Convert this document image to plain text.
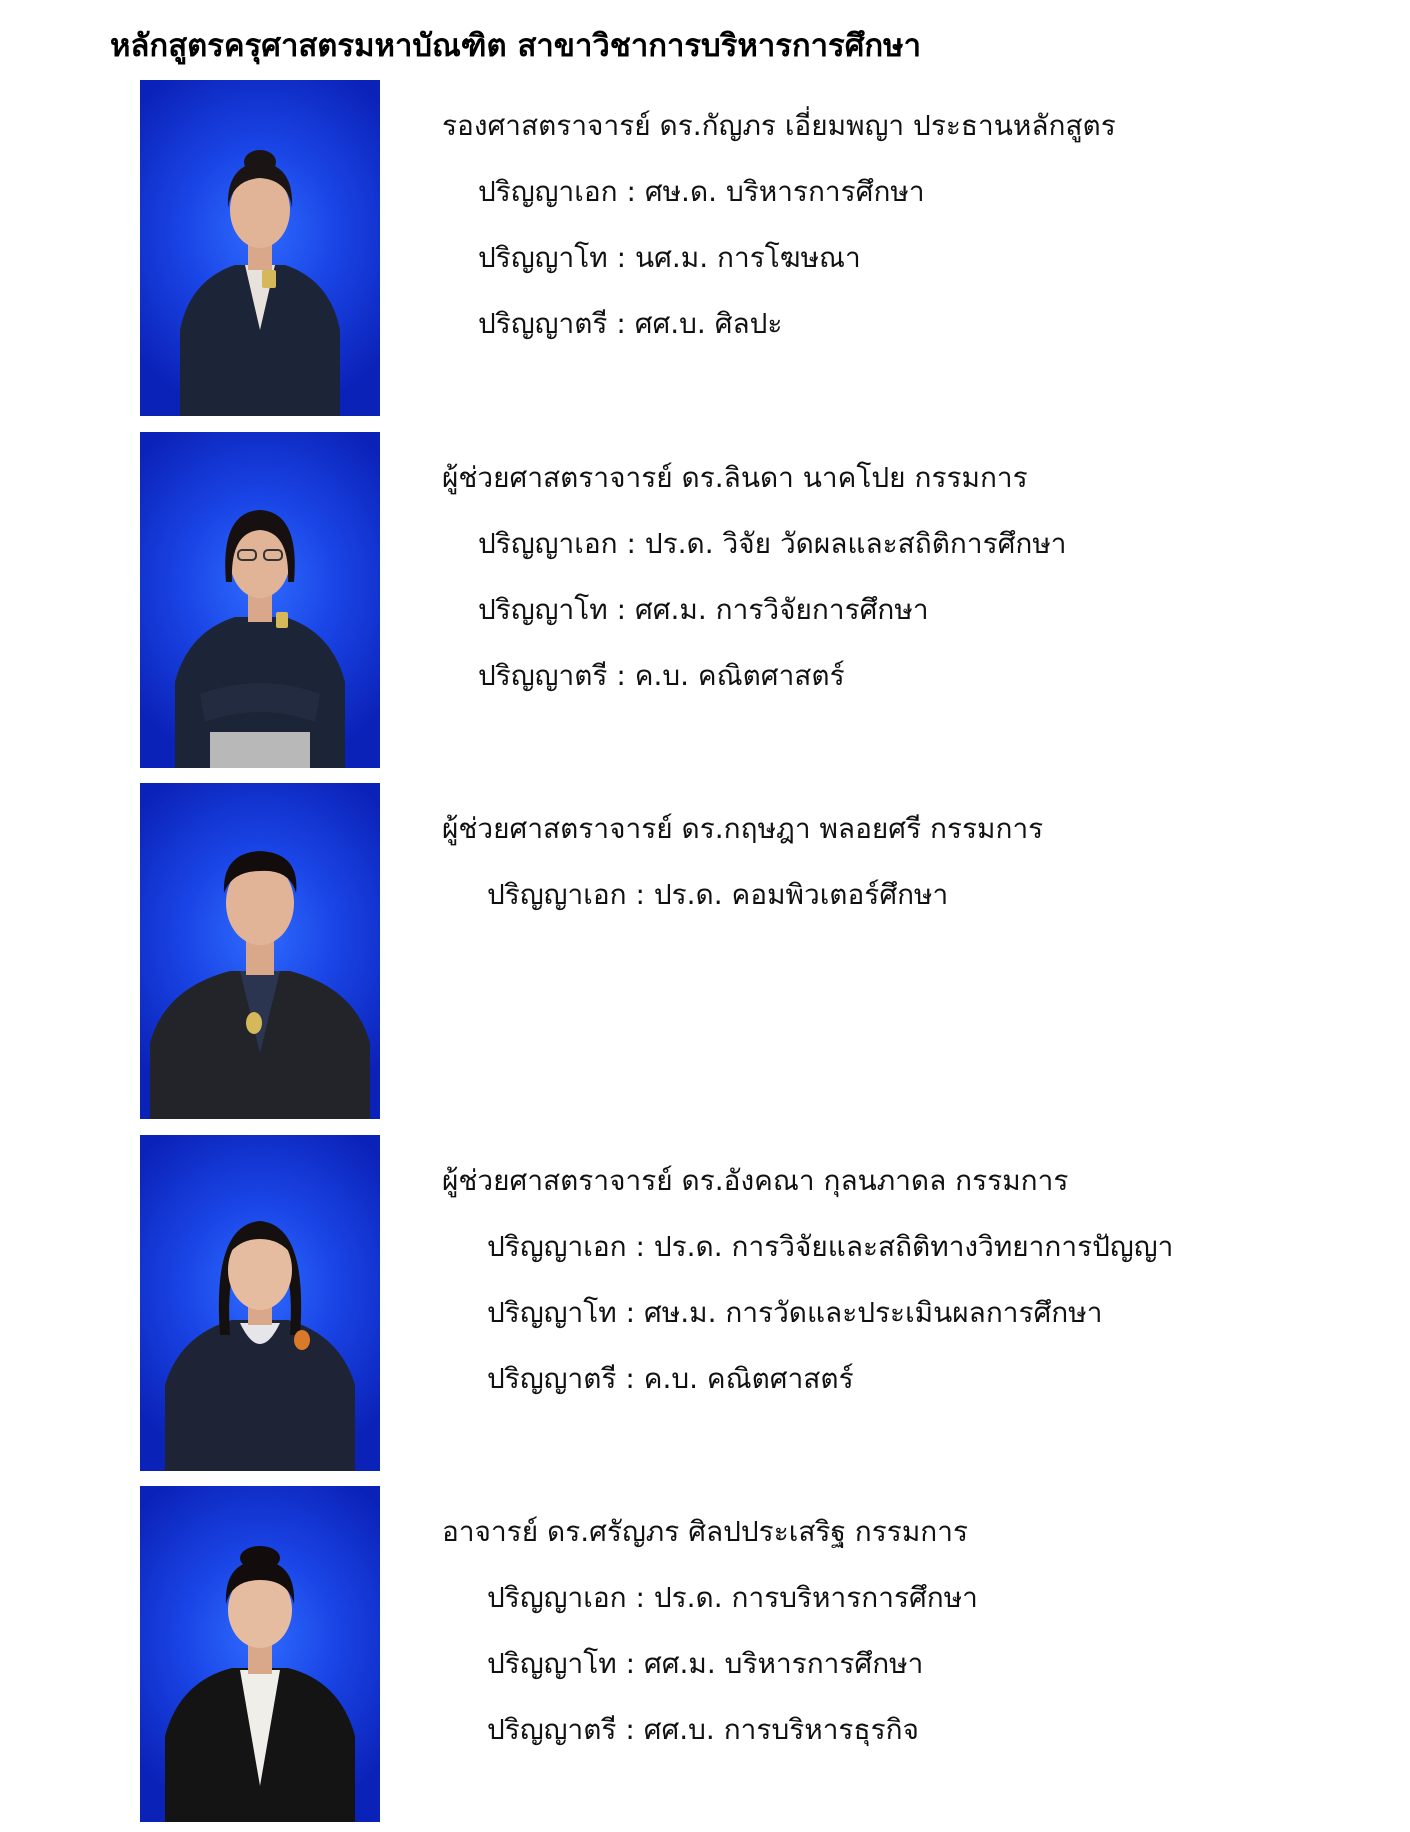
หลักสูตรครุศาสตรมหาบัณฑิต สาขาวิชาการบริหารการศึกษา
รองศาสตราจารย์ ดร.กัญภร เอี่ยมพญา ประธานหลักสูตร
ปริญญาเอก : ศษ.ด. บริหารการศึกษา
ปริญญาโท : นศ.ม. การโฆษณา
ปริญญาตรี : ศศ.บ. ศิลปะ
ผู้ช่วยศาสตราจารย์ ดร.ลินดา นาคโปย กรรมการ
ปริญญาเอก : ปร.ด. วิจัย วัดผลและสถิติการศึกษา
ปริญญาโท : ศศ.ม. การวิจัยการศึกษา
ปริญญาตรี : ค.บ. คณิตศาสตร์
ผู้ช่วยศาสตราจารย์ ดร.กฤษฎา พลอยศรี กรรมการ
ปริญญาเอก : ปร.ด. คอมพิวเตอร์ศึกษา
ผู้ช่วยศาสตราจารย์ ดร.อังคณา กุลนภาดล กรรมการ
ปริญญาเอก : ปร.ด. การวิจัยและสถิติทางวิทยาการปัญญา
ปริญญาโท : ศษ.ม. การวัดและประเมินผลการศึกษา
ปริญญาตรี : ค.บ. คณิตศาสตร์
อาจารย์ ดร.ศรัญภร ศิลปประเสริฐ กรรมการ
ปริญญาเอก : ปร.ด. การบริหารการศึกษา
ปริญญาโท : ศศ.ม. บริหารการศึกษา
ปริญญาตรี : ศศ.บ. การบริหารธุรกิจ
